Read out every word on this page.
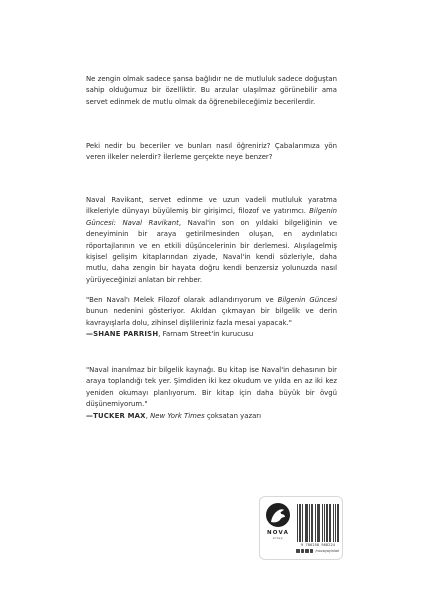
Ne zengin olmak sadece şansa bağlıdır ne de mutluluk sadece doğuştan sahip olduğumuz bir özelliktir. Bu arzular ulaşılmaz görünebilir ama servet edinmek de mutlu olmak da öğrenebileceğimiz becerilerdir.

Peki nedir bu beceriler ve bunları nasıl öğreniriz? Çabalarımıza yön veren ilkeler nelerdir? İlerleme gerçekte neye benzer?

Naval Ravikant, servet edinme ve uzun vadeli mutluluk yaratma ilkeleriyle dünyayı büyülemiş bir girişimci, filozof ve yatırımcı. Bilgenin Güncesi: Naval Ravikant, Naval'in son on yıldaki bilgeliğinin ve deneyiminin bir araya getirilmesinden oluşan, en aydınlatıcı röportajlarının ve en etkili düşüncelerinin bir derlemesi. Alışılagelmiş kişisel gelişim kitaplarından ziyade, Naval'in kendi sözleriyle, daha mutlu, daha zengin bir hayata doğru kendi benzersiz yolunuzda nasıl yürüyeceğinizi anlatan bir rehber.

"Ben Naval'ı Melek Filozof olarak adlandırıyorum ve Bilgenin Güncesi bunun nedenini gösteriyor. Akıldan çıkmayan bir bilgelik ve derin kavrayışlarla dolu, zihinsel dişlileriniz fazla mesai yapacak."
—SHANE PARRISH, Farnam Street'in kurucusu
"Naval inanılmaz bir bilgelik kaynağı. Bu kitap ise Naval'in dehasının bir araya toplandığı tek yer. Şimdiden iki kez okudum ve yılda en az iki kez yeniden okumayı planlıyorum. Bir kitap için daha büyük bir övgü düşünemiyorum."
—TUCKER MAX, New York Times çoksatan yazarı
NOVA
kitap
9 786258 988224
/novayayinlari
